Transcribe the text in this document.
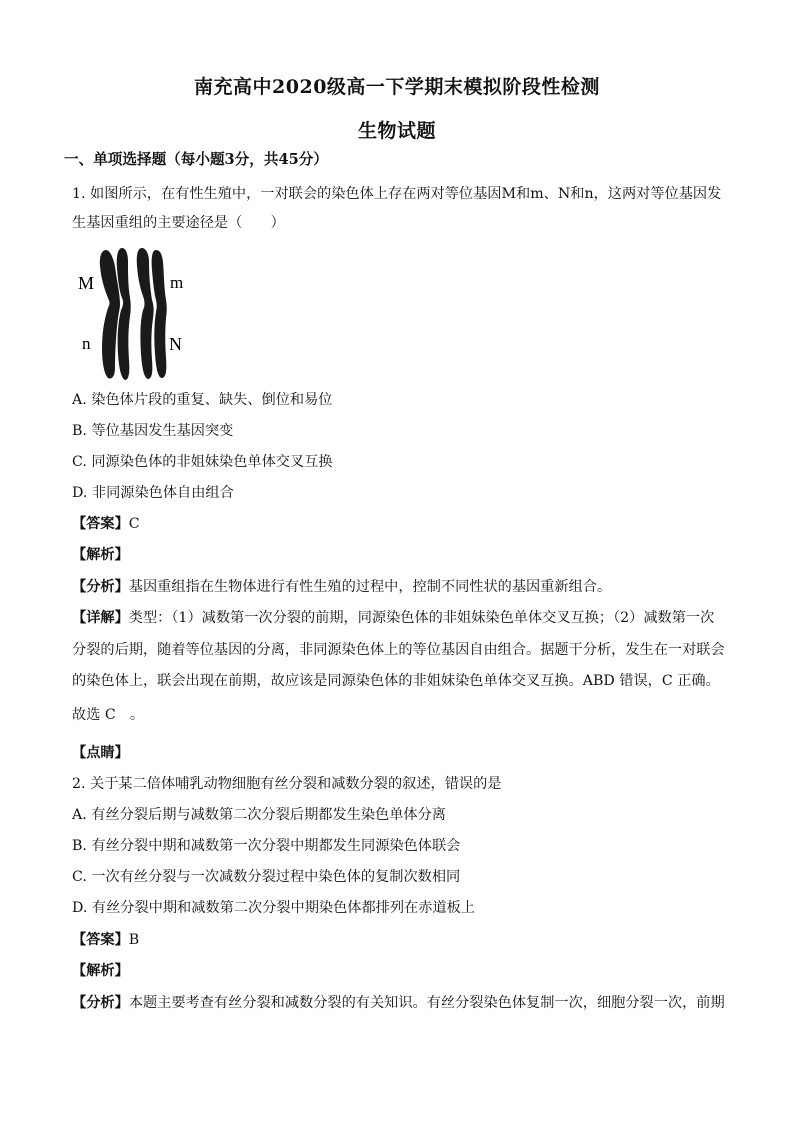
南充高中2020级高一下学期末模拟阶段性检测
生物试题
一、单项选择题（每小题3分，共45分）
1. 如图所示，在有性生殖中，一对联会的染色体上存在两对等位基因M和m、N和n，这两对等位基因发
生基因重组的主要途径是（　　）
M	m
n	N
A. 染色体片段的重复、缺失、倒位和易位
B. 等位基因发生基因突变
C. 同源染色体的非姐妹染色单体交叉互换
D. 非同源染色体自由组合
【答案】C
【解析】
【分析】基因重组指在生物体进行有性生殖的过程中，控制不同性状的基因重新组合。
【详解】类型：（1）减数第一次分裂的前期，同源染色体的非姐妹染色单体交叉互换；（2）减数第一次
分裂的后期，随着等位基因的分离，非同源染色体上的等位基因自由组合。据题干分析，发生在一对联会
的染色体上，联会出现在前期，故应该是同源染色体的非姐妹染色单体交叉互换。ABD 错误，C 正确。
故选 C　。
【点睛】
2. 关于某二倍体哺乳动物细胞有丝分裂和减数分裂的叙述，错误的是
A. 有丝分裂后期与减数第二次分裂后期都发生染色单体分离
B. 有丝分裂中期和减数第一次分裂中期都发生同源染色体联会
C. 一次有丝分裂与一次减数分裂过程中染色体的复制次数相同
D. 有丝分裂中期和减数第二次分裂中期染色体都排列在赤道板上
【答案】B
【解析】
【分析】本题主要考查有丝分裂和减数分裂的有关知识。有丝分裂染色体复制一次，细胞分裂一次，前期
